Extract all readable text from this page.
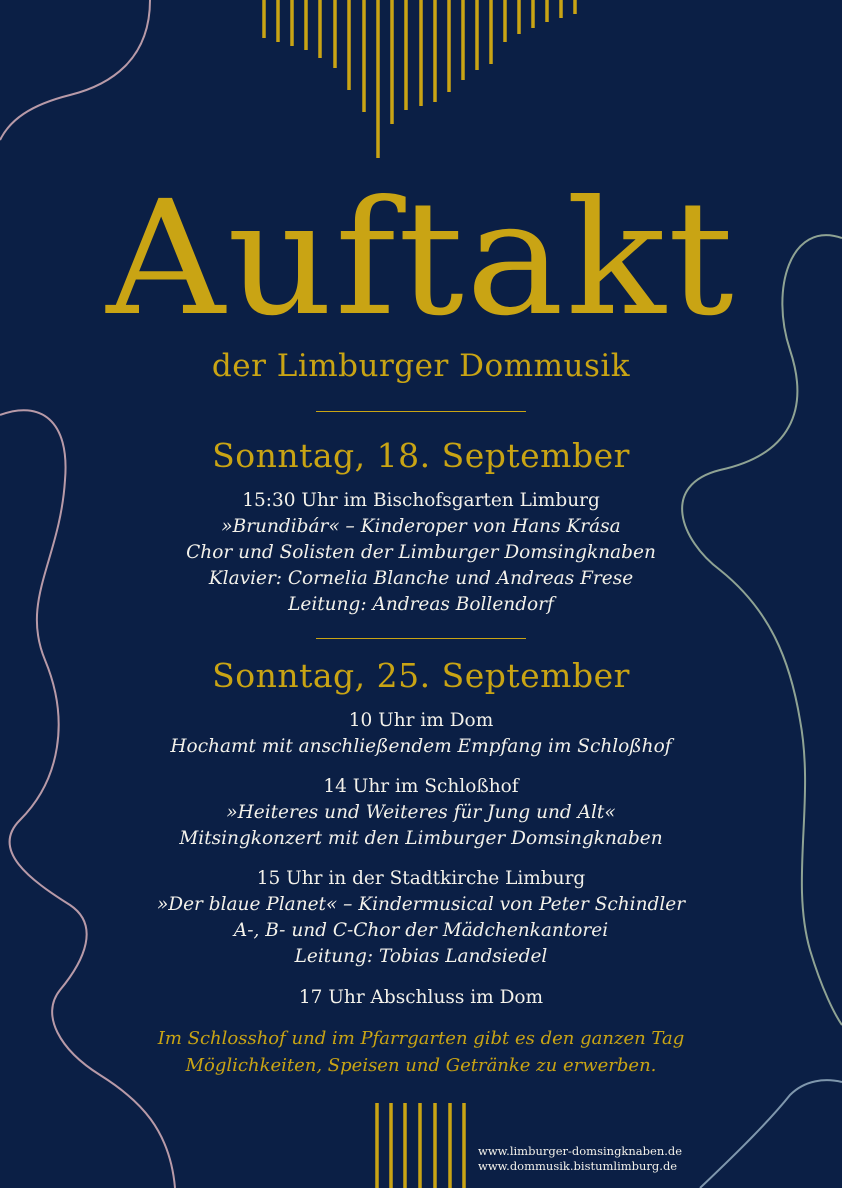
Auftakt
der Limburger Dommusik
Sonntag, 18. September
15:30 Uhr im Bischofsgarten Limburg
»Brundibár« – Kinderoper von Hans Krása
Chor und Solisten der Limburger Domsingknaben
Klavier: Cornelia Blanche und Andreas Frese
Leitung: Andreas Bollendorf
Sonntag, 25. September
10 Uhr im Dom
Hochamt mit anschließendem Empfang im Schloßhof
14 Uhr im Schloßhof
»Heiteres und Weiteres für Jung und Alt«
Mitsingkonzert mit den Limburger Domsingknaben
15 Uhr in der Stadtkirche Limburg
»Der blaue Planet« – Kindermusical von Peter Schindler
A-, B- und C-Chor der Mädchenkantorei
Leitung: Tobias Landsiedel
17 Uhr Abschluss im Dom
Im Schlosshof und im Pfarrgarten gibt es den ganzen Tag
Möglichkeiten, Speisen und Getränke zu erwerben.
www.limburger-domsingknaben.de
www.dommusik.bistumlimburg.de
